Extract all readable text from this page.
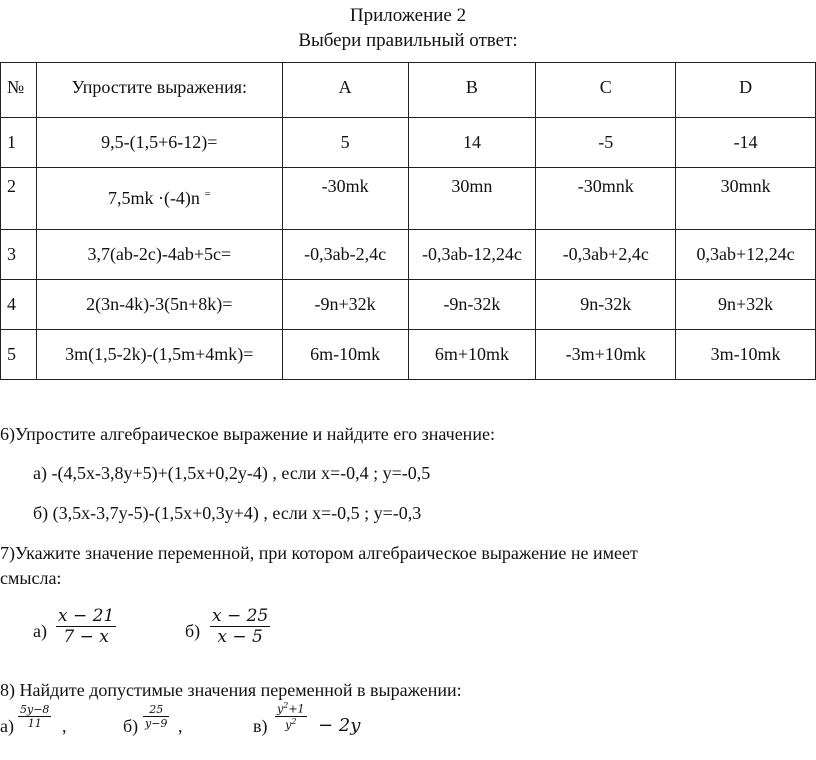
Приложение 2
Выбери правильный ответ:
№	Упростите выражения:	A	B	C	D

1	9,5-(1,5+6-12)=	5	14	-5	-14

2	7,5mk ·(-4)n =	-30mk	30mn	-30mnk	30mnk

3	3,7(ab-2c)-4ab+5c=	-0,3ab-2,4c	-0,3ab-12,24c	-0,3ab+2,4c	0,3ab+12,24c

4	2(3n-4k)-3(5n+8k)=	-9n+32k	-9n-32k	9n-32k	9n+32k

5	3m(1,5-2k)-(1,5m+4mk)=	6m-10mk	6m+10mk	-3m+10mk	3m-10mk
6)Упростите алгебраическое выражение и найдите его значение:
а) -(4,5x-3,8y+5)+(1,5x+0,2y-4) , если x=-0,4 ; y=-0,5
б) (3,5x-3,7y-5)-(1,5x+0,3y+4) , если x=-0,5 ; y=-0,3
7)Укажите значение переменной, при котором алгебраическое выражение не имеет
смысла:
$а) \frac{x - 21}{7 - x}$	$б) \frac{x - 25}{x - 5}$
8) Найдите допустимые значения переменной в выражении:
$а) \frac{5y-8}{11}$ ,	$б) \frac{25}{y-9}$ ,	$в) \frac{y^2+1}{y^2} - 2y$
